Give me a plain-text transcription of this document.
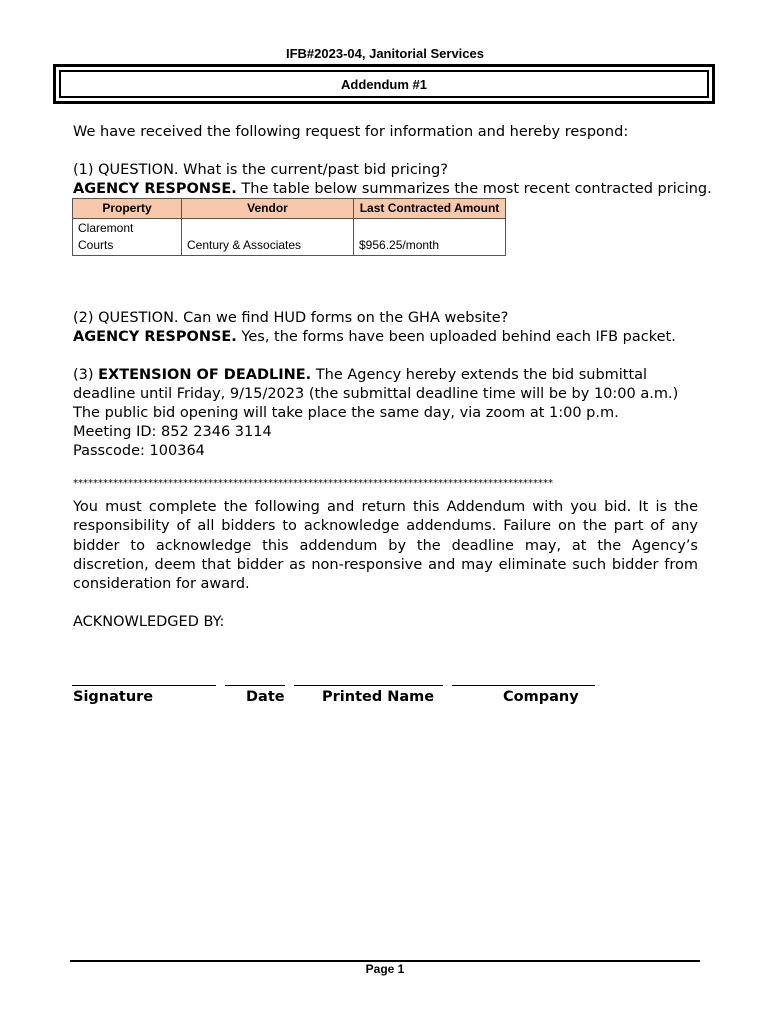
IFB#2023-04, Janitorial Services
Addendum #1

We have received the following request for information and hereby respond:

(1) QUESTION. What is the current/past bid pricing?

AGENCY RESPONSE. The table below summarizes the most recent contracted pricing.

Property	Vendor	Last Contracted Amount
Claremont Courts	Century & Associates	$956.25/month

(2) QUESTION. Can we find HUD forms on the GHA website?

AGENCY RESPONSE. Yes, the forms have been uploaded behind each IFB packet.

(3) EXTENSION OF DEADLINE. The Agency hereby extends the bid submittal deadline until Friday, 9/15/2023 (the submittal deadline time will be by 10:00 a.m.) The public bid opening will take place the same day, via zoom at 1:00 p.m.

Meeting ID: 852 2346 3114

Passcode: 100364

************************************************************************************************

You must complete the following and return this Addendum with you bid. It is the responsibility of all bidders to acknowledge addendums. Failure on the part of any bidder to acknowledge this addendum by the deadline may, at the Agency’s discretion, deem that bidder as non-responsive and may eliminate such bidder from consideration for award.

ACKNOWLEDGED BY:

Signature	Date	Printed Name	Company
Page 1
